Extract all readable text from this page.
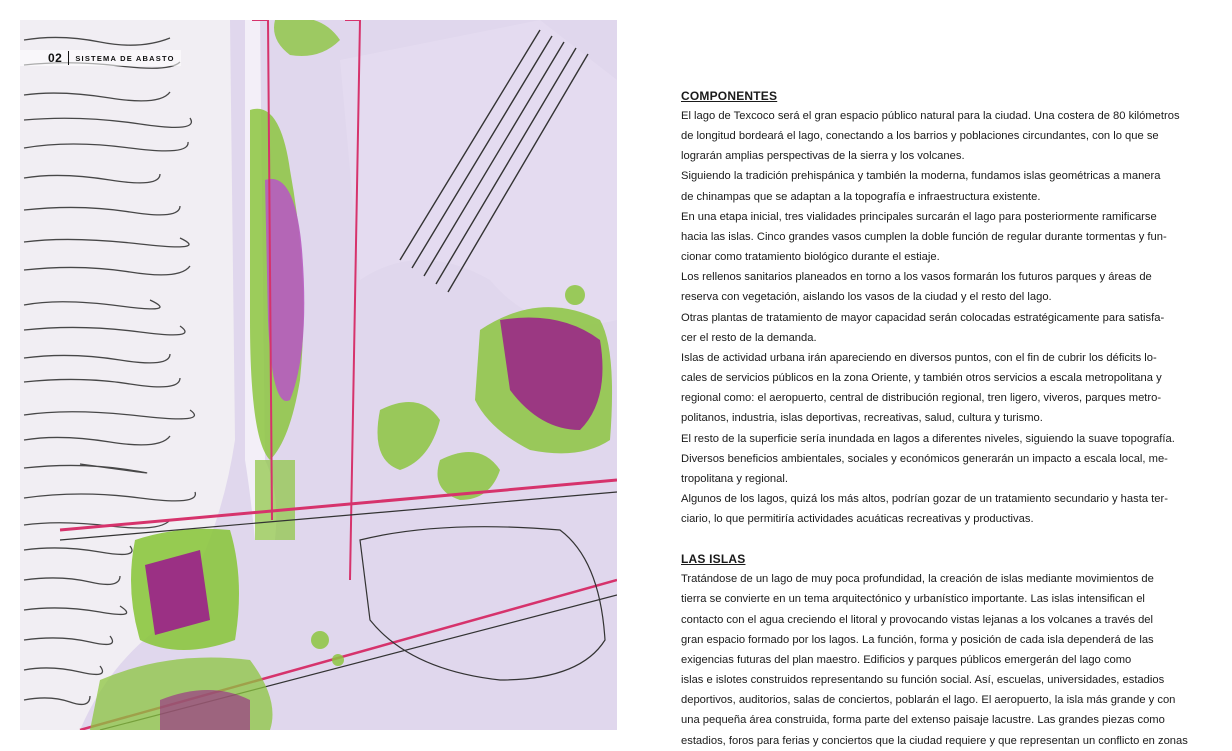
02 SISTEMA DE ABASTO
COMPONENTES

El lago de Texcoco será el gran espacio público natural para la ciudad. Una costera de 80 kilómetros

de longitud bordeará el lago, conectando a los barrios y poblaciones circundantes, con lo que se

lograrán amplias perspectivas de la sierra y los volcanes.

Siguiendo la tradición prehispánica y también la moderna, fundamos islas geométricas a manera

de chinampas que se adaptan a la topografía e infraestructura existente.

En una etapa inicial, tres vialidades principales surcarán el lago para posteriormente ramificarse

hacia las islas. Cinco grandes vasos cumplen la doble función de regular durante tormentas y fun-

cionar como tratamiento biológico durante el estiaje.

Los rellenos sanitarios planeados en torno a los vasos formarán los futuros parques y áreas de

reserva con vegetación, aislando los vasos de la ciudad y el resto del lago.

Otras plantas de tratamiento de mayor capacidad serán colocadas estratégicamente para satisfa-

cer el resto de la demanda.

Islas de actividad urbana irán apareciendo en diversos puntos, con el fin de cubrir los déficits lo-

cales de servicios públicos en la zona Oriente, y también otros servicios a escala metropolitana y

regional como: el aeropuerto, central de distribución regional, tren ligero, viveros, parques metro-

politanos, industria, islas deportivas, recreativas, salud, cultura y turismo.

El resto de la superficie sería inundada en lagos a diferentes niveles, siguiendo la suave topografía.

Diversos beneficios ambientales, sociales y económicos generarán un impacto a escala local, me-

tropolitana y regional.

Algunos de los lagos, quizá los más altos, podrían gozar de un tratamiento secundario y hasta ter-

ciario, lo que permitiría actividades acuáticas recreativas y productivas.

LAS ISLAS

Tratándose de un lago de muy poca profundidad, la creación de islas mediante movimientos de

tierra se convierte en un tema arquitectónico y urbanístico importante. Las islas intensifican el

contacto con el agua creciendo el litoral y provocando vistas lejanas a los volcanes a través del

gran espacio formado por los lagos. La función, forma y posición de cada isla dependerá de las

exigencias futuras del plan maestro. Edificios y parques públicos emergerán del lago como

islas e islotes construidos representando su función social. Así, escuelas, universidades, estadios

deportivos, auditorios, salas de conciertos, poblarán el lago. El aeropuerto, la isla más grande y con

una pequeña área construida, forma parte del extenso paisaje lacustre. Las grandes piezas como

estadios, foros para ferias y conciertos que la ciudad requiere y que representan un conflicto en zonas
